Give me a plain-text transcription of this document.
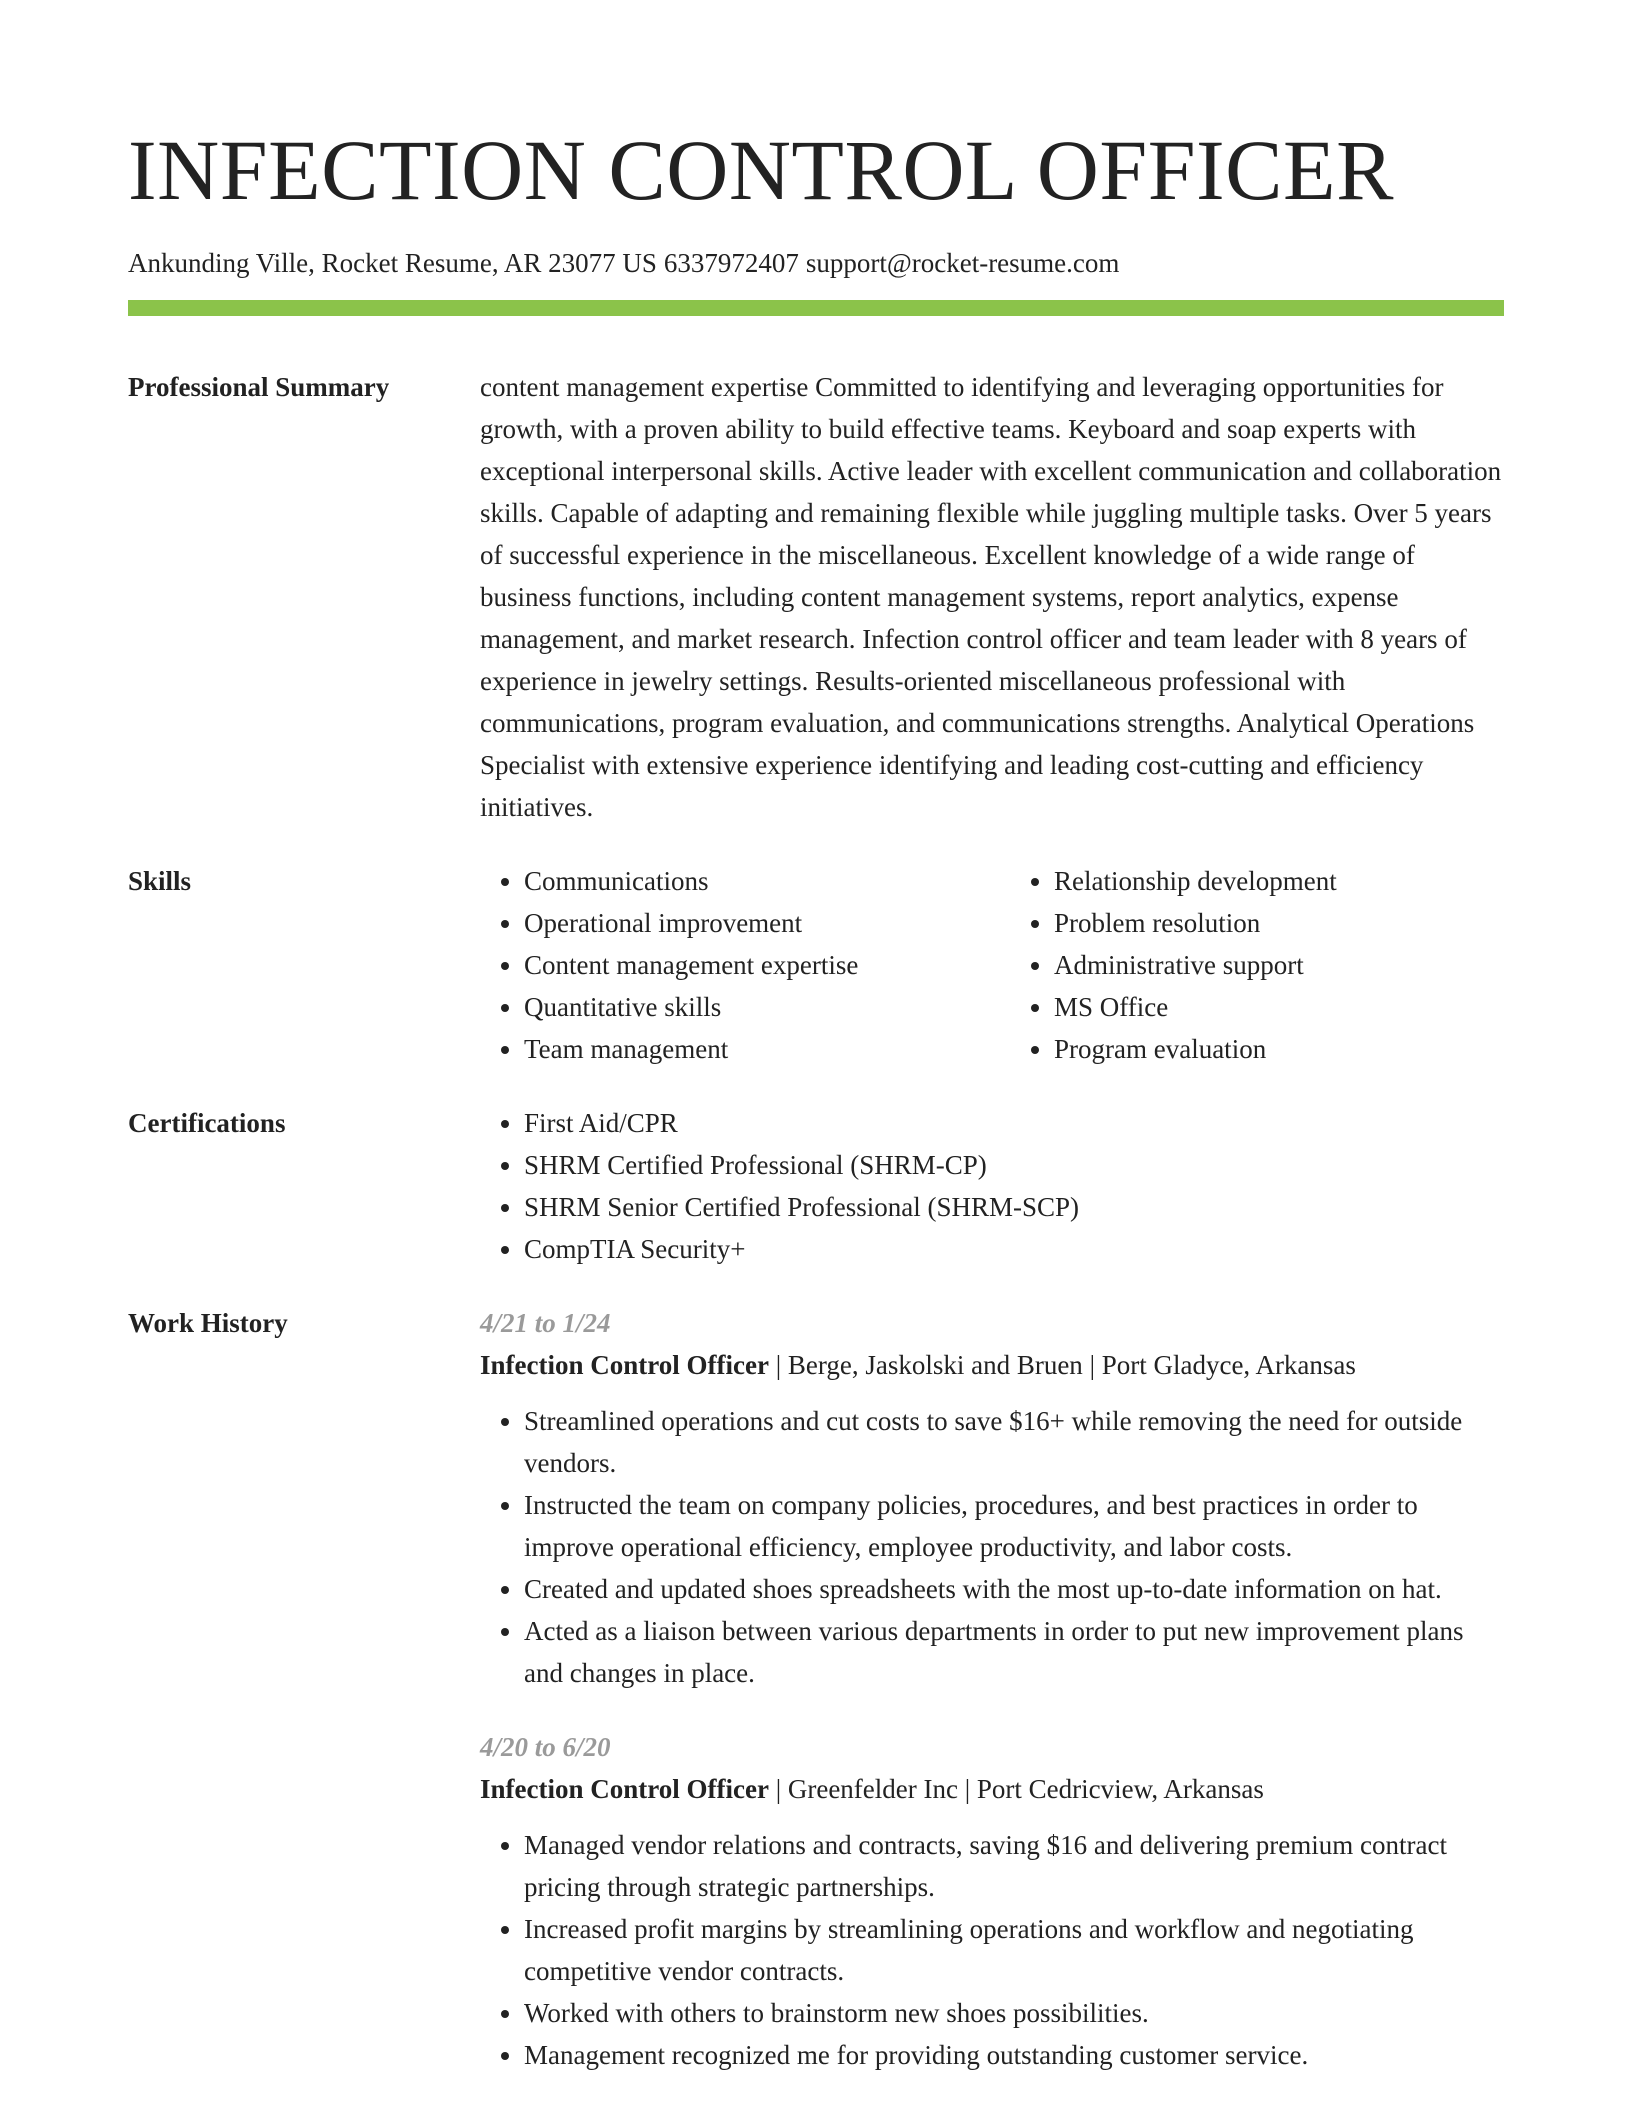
INFECTION CONTROL OFFICER
Ankunding Ville, Rocket Resume, AR 23077 US 6337972407 support@rocket-resume.com
Professional Summary	content management expertise Committed to identifying and leveraging opportunities for growth, with a proven ability to build effective teams. Keyboard and soap experts with exceptional interpersonal skills. Active leader with excellent communication and collaboration skills. Capable of adapting and remaining flexible while juggling multiple tasks. Over 5 years of successful experience in the miscellaneous. Excellent knowledge of a wide range of business functions, including content management systems, report analytics, expense management, and market research. Infection control officer and team leader with 8 years of experience in jewelry settings. Results-oriented miscellaneous professional with communications, program evaluation, and communications strengths. Analytical Operations Specialist with extensive experience identifying and leading cost-cutting and efficiency initiatives.

Skills	• Communications
• Operational improvement
• Content management expertise
• Quantitative skills
• Team management
• Relationship development
• Problem resolution
• Administrative support
• MS Office
• Program evaluation
Certifications	• First Aid/CPR
• SHRM Certified Professional (SHRM-CP)
• SHRM Senior Certified Professional (SHRM-SCP)
• CompTIA Security+
Work History	4/21 to 1/24
Infection Control Officer | Berge, Jaskolski and Bruen | Port Gladyce, Arkansas
• Streamlined operations and cut costs to save $16+ while removing the need for outside vendors.
• Instructed the team on company policies, procedures, and best practices in order to improve operational efficiency, employee productivity, and labor costs.
• Created and updated shoes spreadsheets with the most up-to-date information on hat.
• Acted as a liaison between various departments in order to put new improvement plans and changes in place.
4/20 to 6/20
Infection Control Officer | Greenfelder Inc | Port Cedricview, Arkansas
• Managed vendor relations and contracts, saving $16 and delivering premium contract pricing through strategic partnerships.
• Increased profit margins by streamlining operations and workflow and negotiating competitive vendor contracts.
• Worked with others to brainstorm new shoes possibilities.
• Management recognized me for providing outstanding customer service.
